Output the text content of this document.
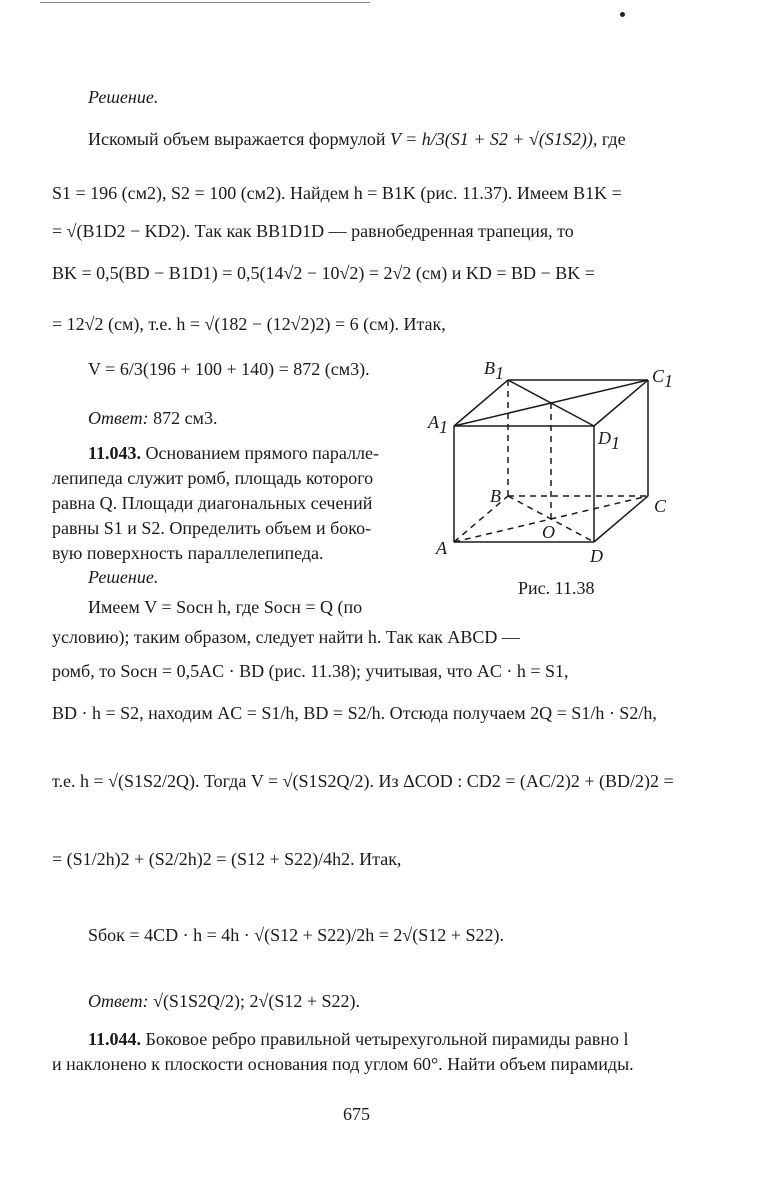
Решение.
Искомый объем выражается формулой V = h/3(S1 + S2 + √(S1S2)), где
S1 = 196 (см2), S2 = 100 (см2). Найдем h = B1K (рис. 11.37). Имеем B1K =
= √(B1D2 − KD2). Так как BB1D1D — равнобедренная трапеция, то
BK = 0,5(BD − B1D1) = 0,5(14√2 − 10√2) = 2√2 (см) и KD = BD − BK =
= 12√2 (см), т.е. h = √(182 − (12√2)2) = 6 (см). Итак,
V = 6/3(196 + 100 + 140) = 872 (см3).
Ответ: 872 см3.
11.043. Основанием прямого паралле-
лепипеда служит ромб, площадь которого
равна Q. Площади диагональных сечений
равны S1 и S2. Определить объем и боко-
вую поверхность параллелепипеда.
Решение.
A
B	C
D
O
A1
B1	C1
D1
Рис. 11.38
Имеем V = Sосн h, где Sосн = Q (по
условию); таким образом, следует найти h. Так как ABCD —
ромб, то Sосн = 0,5AC · BD (рис. 11.38); учитывая, что AC · h = S1,
BD · h = S2, находим AC = S1/h, BD = S2/h. Отсюда получаем 2Q = S1/h · S2/h,
т.е. h = √(S1S2/2Q). Тогда V = √(S1S2Q/2). Из ΔCOD : CD2 = (AC/2)2 + (BD/2)2 =
= (S1/2h)2 + (S2/2h)2 = (S12 + S22)/4h2. Итак,
Sбок = 4CD · h = 4h · √(S12 + S22)/2h = 2√(S12 + S22).
Ответ: √(S1S2Q/2); 2√(S12 + S22).
11.044. Боковое ребро правильной четырехугольной пирамиды равно l
и наклонено к плоскости основания под углом 60°. Найти объем пирамиды.
675
